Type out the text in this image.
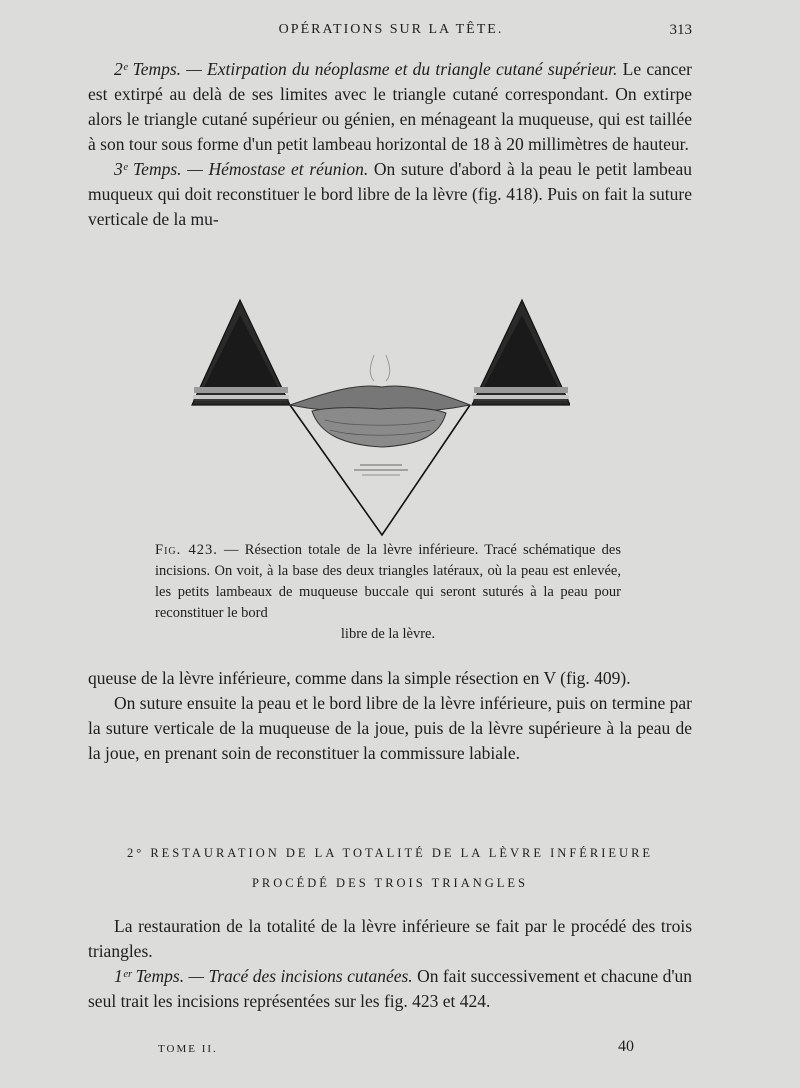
OPÉRATIONS SUR LA TÊTE.	313

2ᵉ Temps. — Extirpation du néoplasme et du triangle cutané supérieur. Le cancer est extirpé au delà de ses limites avec le triangle cutané correspondant. On extirpe alors le triangle cutané supérieur ou génien, en ménageant la muqueuse, qui est taillée à son tour sous forme d'un petit lambeau horizontal de 18 à 20 millimètres de hauteur.

3ᵉ Temps. — Hémostase et réunion. On suture d'abord à la peau le petit lambeau muqueux qui doit reconstituer le bord libre de la lèvre (fig. 418). Puis on fait la suture verticale de la mu-

Fig. 423. — Résection totale de la lèvre inférieure. Tracé schématique des incisions. On voit, à la base des deux triangles latéraux, où la peau est enlevée, les petits lambeaux de muqueuse buccale qui seront suturés à la peau pour reconstituer le bord
libre de la lèvre.

queuse de la lèvre inférieure, comme dans la simple résection en V (fig. 409).

On suture ensuite la peau et le bord libre de la lèvre inférieure, puis on termine par la suture verticale de la muqueuse de la joue, puis de la lèvre supérieure à la peau de la joue, en prenant soin de reconstituer la commissure labiale.

2° RESTAURATION DE LA TOTALITÉ DE LA LÈVRE INFÉRIEURE
PROCÉDÉ DES TROIS TRIANGLES

La restauration de la totalité de la lèvre inférieure se fait par le procédé des trois triangles.

1ᵉʳ Temps. — Tracé des incisions cutanées. On fait successivement et chacune d'un seul trait les incisions représentées sur les fig. 423 et 424.

TOME II.	40
